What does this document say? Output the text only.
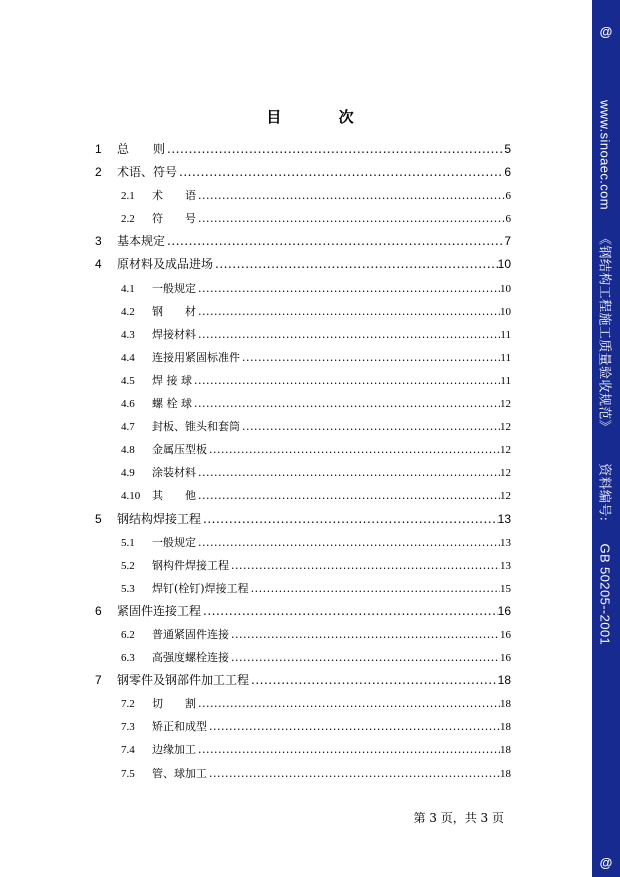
目 次
1	总　　则 .....	5
2	术语、符号 .....	6
2.1	术　　语 .....	6
2.2	符　　号 .....	6
3	基本规定 .....	7
4	原材料及成品进场 .....	10
4.1	一般规定 .....	10
4.2	钢　　材 .....	10
4.3	焊接材料 .....	11
4.4	连接用紧固标准件 .....	11
4.5	焊 接 球 .....	11
4.6	螺 栓 球 .....	12
4.7	封板、锥头和套筒 .....	12
4.8	金属压型板 .....	12
4.9	涂装材料 .....	12
4.10	其　　他 .....	12
5	钢结构焊接工程 .....	13
5.1	一般规定 .....	13
5.2	钢构件焊接工程 .....	13
5.3	焊钉(栓钉)焊接工程 .....	15
6	紧固件连接工程 .....	16
6.2	普通紧固件连接 .....	16
6.3	高强度螺栓连接 .....	16
7	钢零件及钢部件加工工程 .....	18
7.2	切　　割 .....	18
7.3	矫正和成型 .....	18
7.4	边缘加工 .....	18
7.5	管、球加工 .....	18
第 3 页，共 3 页
@
www.sinoaec.com《钢结构工程施工质量验收规范》资料编号:GB 50205--2001
@
